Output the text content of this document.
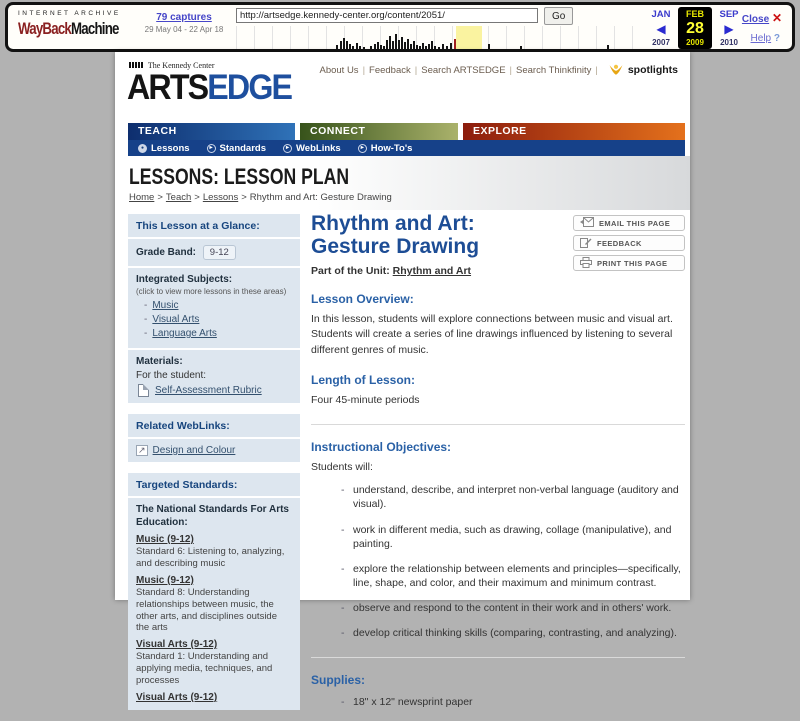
INTERNET ARCHIVE
WayBackMachine
79 captures
29 May 04 - 22 Apr 18
http://artsedge.kennedy-center.org/content/2051/
Go	JAN
◀
2007
FEB
28
2009
SEP
▶
2010
Close ✕
Help ?
The Kennedy Center
ARTSEDGE	About Us | Feedback | Search ARTSEDGE | Search Thinkfinity |	spotlights
TEACH	CONNECT	EXPLORE
●
Lessons ▸	Standards ▸	WebLinks ▸	How-To's
LESSONS: LESSON PLAN
Home > Teach > Lessons > Rhythm and Art: Gesture Drawing
This Lesson at a Glance:
Grade Band: 9-12
Integrated Subjects:
(click to view more lessons in these areas)
- Music
- Visual Arts
- Language Arts
Materials:
For the student:
Self-Assessment Rubric
Related WebLinks:
↗ Design and Colour
Targeted Standards:
The National Standards For Arts Education:
Music (9-12)
Standard 6: Listening to, analyzing, and describing music
Music (9-12)
Standard 8: Understanding relationships between music, the other arts, and disciplines outside the arts
Visual Arts (9-12)
Standard 1: Understanding and applying media, techniques, and processes
Visual Arts (9-12)
EMAIL THIS PAGE
FEEDBACK
PRINT THIS PAGE
Rhythm and Art:
Gesture Drawing
Part of the Unit: Rhythm and Art
Lesson Overview:

In this lesson, students will explore connections between music and visual art. Students will create a series of line drawings influenced by listening to several different genres of music.

Length of Lesson:

Four 45-minute periods

Instructional Objectives:

Students will:

- understand, describe, and interpret non-verbal language (auditory and visual).
- work in different media, such as drawing, collage (manipulative), and painting.
- explore the relationship between elements and principles—specifically, line, shape, and color, and their maximum and minimum contrast.
- observe and respond to the content in their work and in others' work.
- develop critical thinking skills (comparing, contrasting, and analyzing).
Supplies:
- 18" x 12" newsprint paper
